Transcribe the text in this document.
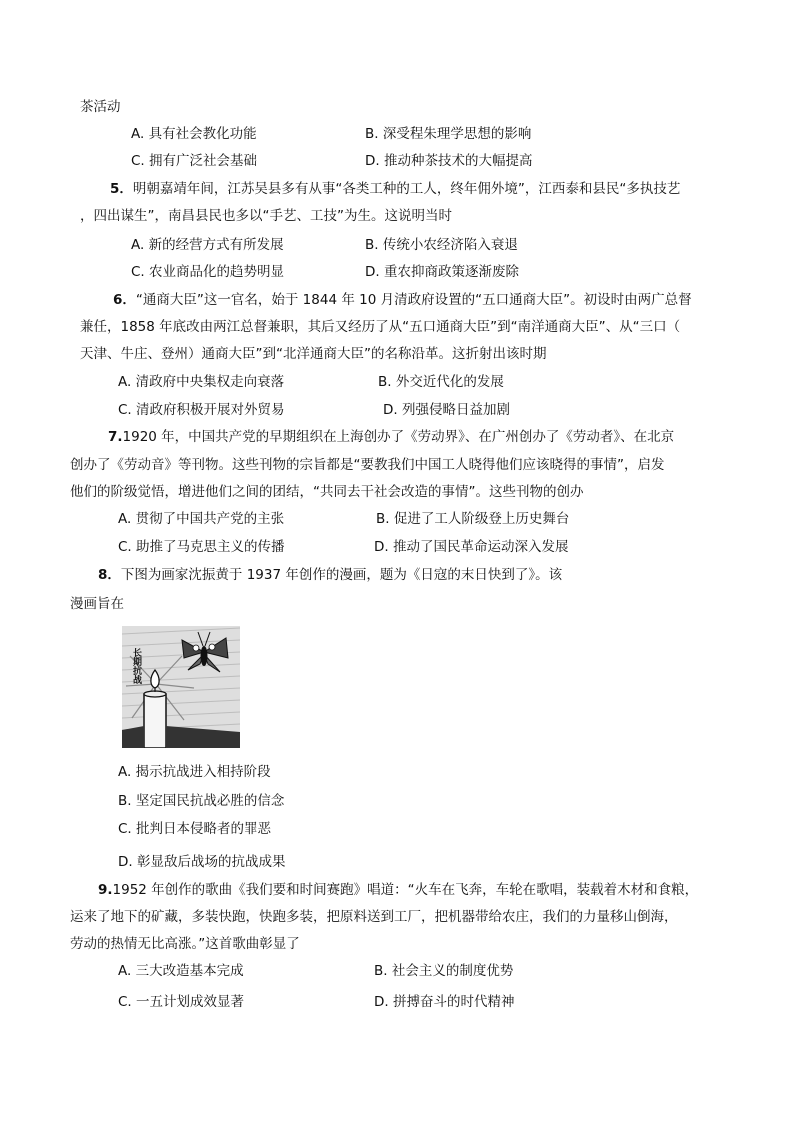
茶活动
A. 具有社会教化功能	B. 深受程朱理学思想的影响
C. 拥有广泛社会基础	D. 推动种茶技术的大幅提高
5．明朝嘉靖年间，江苏吴县多有从事“各类工种的工人，终年佣外境”，江西泰和县民“多执技艺
，四出谋生”，南昌县民也多以“手艺、工技”为生。这说明当时
A. 新的经营方式有所发展	B. 传统小农经济陷入衰退
C. 农业商品化的趋势明显	D. 重农抑商政策逐渐废除
6．“通商大臣”这一官名，始于 1844 年 10 月清政府设置的“五口通商大臣”。初设时由两广总督
兼任，1858 年底改由两江总督兼职，其后又经历了从“五口通商大臣”到“南洋通商大臣”、从“三口（
天津、牛庄、登州）通商大臣”到“北洋通商大臣”的名称沿革。这折射出该时期
A. 清政府中央集权走向衰落	B. 外交近代化的发展
C. 清政府积极开展对外贸易	D. 列强侵略日益加剧
7.1920 年，中国共产党的早期组织在上海创办了《劳动界》、在广州创办了《劳动者》、在北京
创办了《劳动音》等刊物。这些刊物的宗旨都是“要教我们中国工人晓得他们应该晓得的事情”，启发
他们的阶级觉悟，增进他们之间的团结，“共同去干社会改造的事情”。这些刊物的创办
A. 贯彻了中国共产党的主张	B. 促进了工人阶级登上历史舞台
C. 助推了马克思主义的传播	D. 推动了国民革命运动深入发展
8．下图为画家沈振黄于 1937 年创作的漫画，题为《日寇的末日快到了》。该
漫画旨在
长期抗战
A. 揭示抗战进入相持阶段
B. 坚定国民抗战必胜的信念
C. 批判日本侵略者的罪恶
D. 彰显敌后战场的抗战成果
9.1952 年创作的歌曲《我们要和时间赛跑》唱道：“火车在飞奔，车轮在歌唱，装载着木材和食粮，
运来了地下的矿藏，多装快跑，快跑多装，把原料送到工厂，把机器带给农庄，我们的力量移山倒海，
劳动的热情无比高涨。”这首歌曲彰显了
A. 三大改造基本完成	B. 社会主义的制度优势
C. 一五计划成效显著	D. 拼搏奋斗的时代精神
